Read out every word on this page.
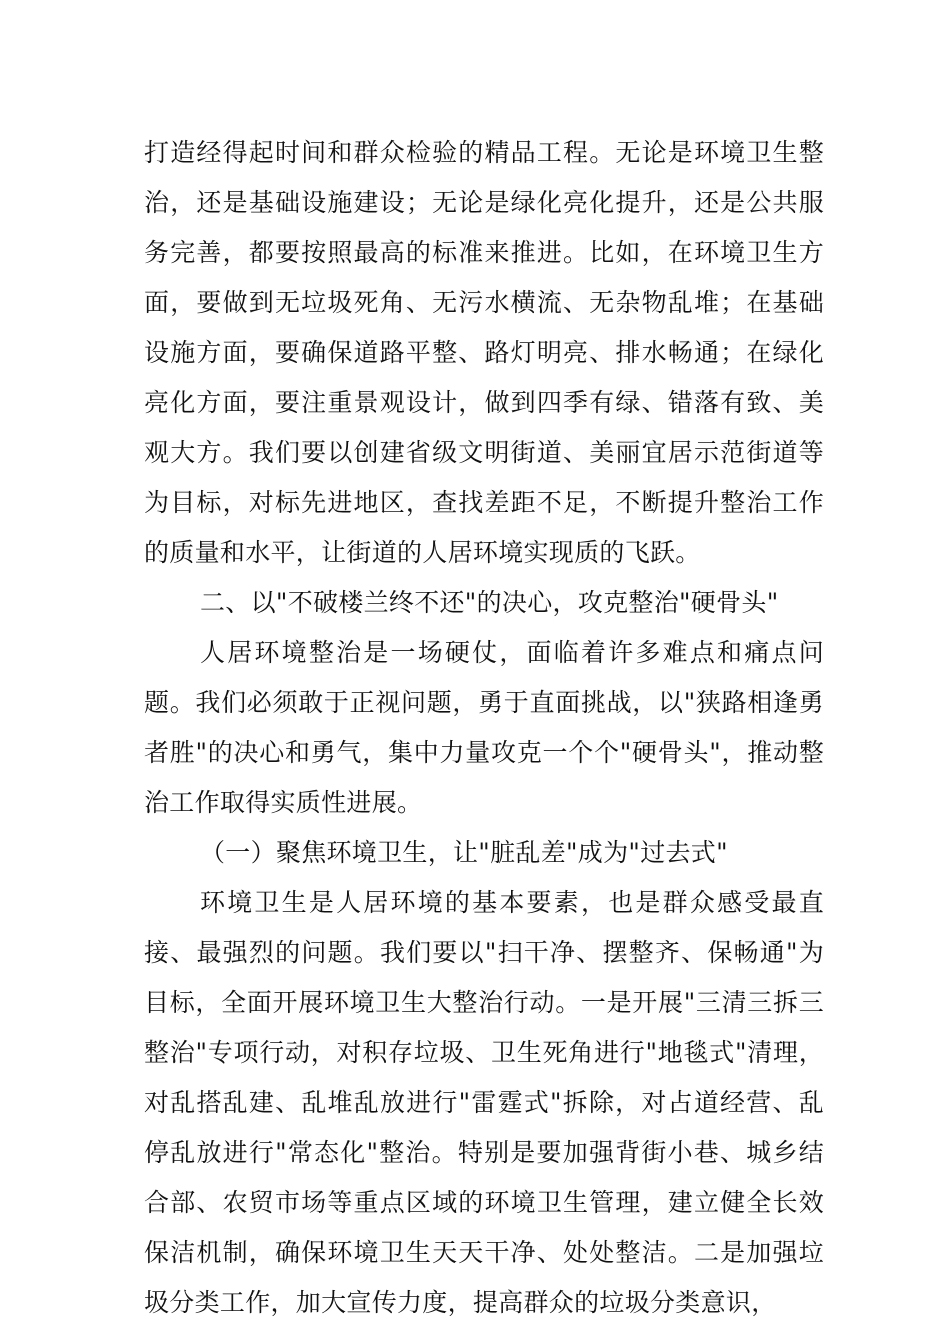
打造经得起时间和群众检验的精品工程。无论是环境卫生整治，还是基础设施建设；无论是绿化亮化提升，还是公共服务完善，都要按照最高的标准来推进。比如，在环境卫生方面，要做到无垃圾死角、无污水横流、无杂物乱堆；在基础设施方面，要确保道路平整、路灯明亮、排水畅通；在绿化亮化方面，要注重景观设计，做到四季有绿、错落有致、美观大方。我们要以创建省级文明街道、美丽宜居示范街道等为目标，对标先进地区，查找差距不足，不断提升整治工作的质量和水平，让街道的人居环境实现质的飞跃。

二、以"不破楼兰终不还"的决心，攻克整治"硬骨头"

人居环境整治是一场硬仗，面临着许多难点和痛点问题。我们必须敢于正视问题，勇于直面挑战，以"狭路相逢勇者胜"的决心和勇气，集中力量攻克一个个"硬骨头"，推动整治工作取得实质性进展。

（一）聚焦环境卫生，让"脏乱差"成为"过去式"

环境卫生是人居环境的基本要素，也是群众感受最直接、最强烈的问题。我们要以"扫干净、摆整齐、保畅通"为目标，全面开展环境卫生大整治行动。一是开展"三清三拆三整治"专项行动，对积存垃圾、卫生死角进行"地毯式"清理，对乱搭乱建、乱堆乱放进行"雷霆式"拆除，对占道经营、乱停乱放进行"常态化"整治。特别是要加强背街小巷、城乡结合部、农贸市场等重点区域的环境卫生管理，建立健全长效保洁机制，确保环境卫生天天干净、处处整洁。二是加强垃圾分类工作，加大宣传力度，提高群众的垃圾分类意识，
